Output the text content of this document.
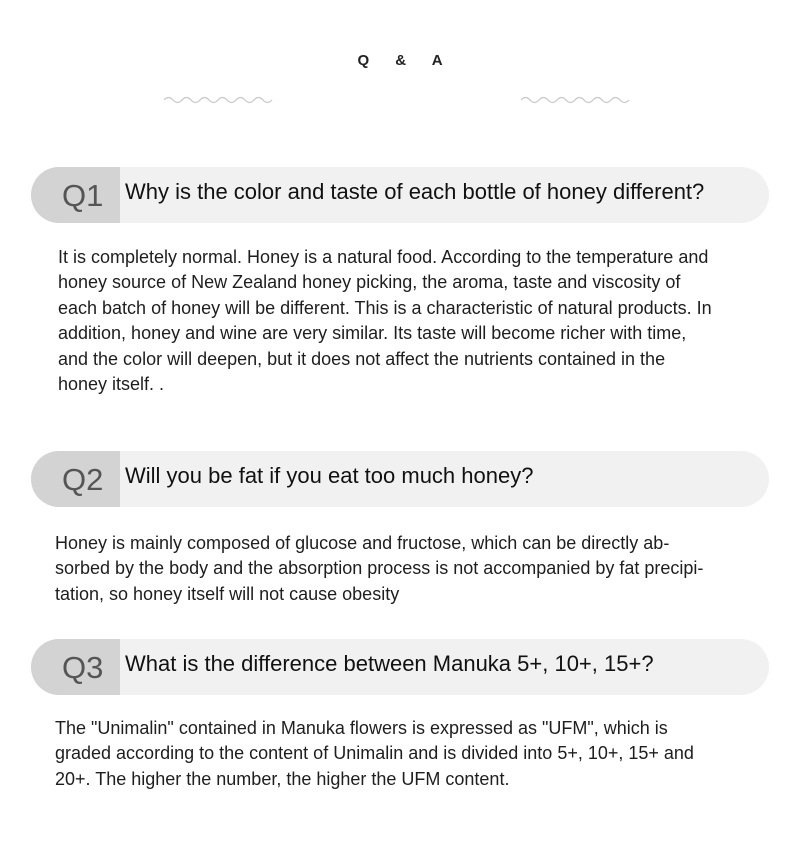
Q & A
Q1 Why is the color and taste of each bottle of honey different?

It is completely normal. Honey is a natural food. According to the temperature and

honey source of New Zealand honey picking, the aroma, taste and viscosity of

each batch of honey will be different. This is a characteristic of natural products. In

addition, honey and wine are very similar. Its taste will become richer with time,

and the color will deepen, but it does not affect the nutrients contained in the

honey itself. .

Q2 Will you be fat if you eat too much honey?

Honey is mainly composed of glucose and fructose, which can be directly ab-

sorbed by the body and the absorption process is not accompanied by fat precipi-

tation, so honey itself will not cause obesity

Q3 What is the difference between Manuka 5+, 10+, 15+?

The "Unimalin" contained in Manuka flowers is expressed as "UFM", which is

graded according to the content of Unimalin and is divided into 5+, 10+, 15+ and

20+. The higher the number, the higher the UFM content.
